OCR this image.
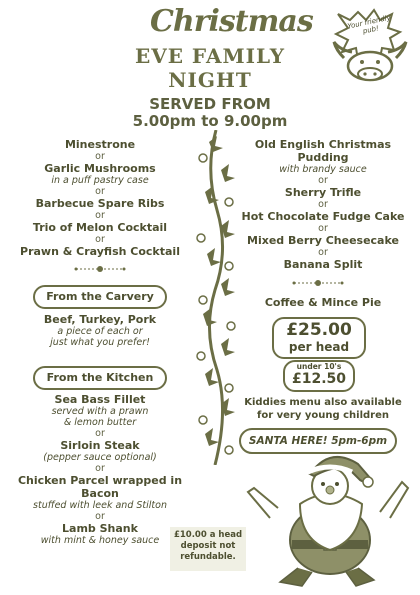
Christmas
EVE FAMILY NIGHT
Your friendly pub!
SERVED FROM
5.00pm to 9.00pm
Minestrone
or
Garlic Mushrooms
in a puff pastry case
or
Barbecue Spare Ribs
or
Trio of Melon Cocktail
or
Prawn & Crayfish Cocktail
From the Carvery
Beef, Turkey, Pork
a piece of each or
just what you prefer!
From the Kitchen
Sea Bass Fillet
served with a prawn
& lemon butter
or
Sirloin Steak
(pepper sauce optional)
or
Chicken Parcel wrapped in Bacon
stuffed with leek and Stilton
or
Lamb Shank
with mint & honey sauce
Old English Christmas Pudding
with brandy sauce
or
Sherry Trifle
or
Hot Chocolate Fudge Cake
or
Mixed Berry Cheesecake
or
Banana Split
Coffee & Mince Pie
£25.00
per head
under 10's
£12.50
Kiddies menu also available
for very young children
SANTA HERE! 5pm-6pm
£10.00 a head
deposit not
refundable.
